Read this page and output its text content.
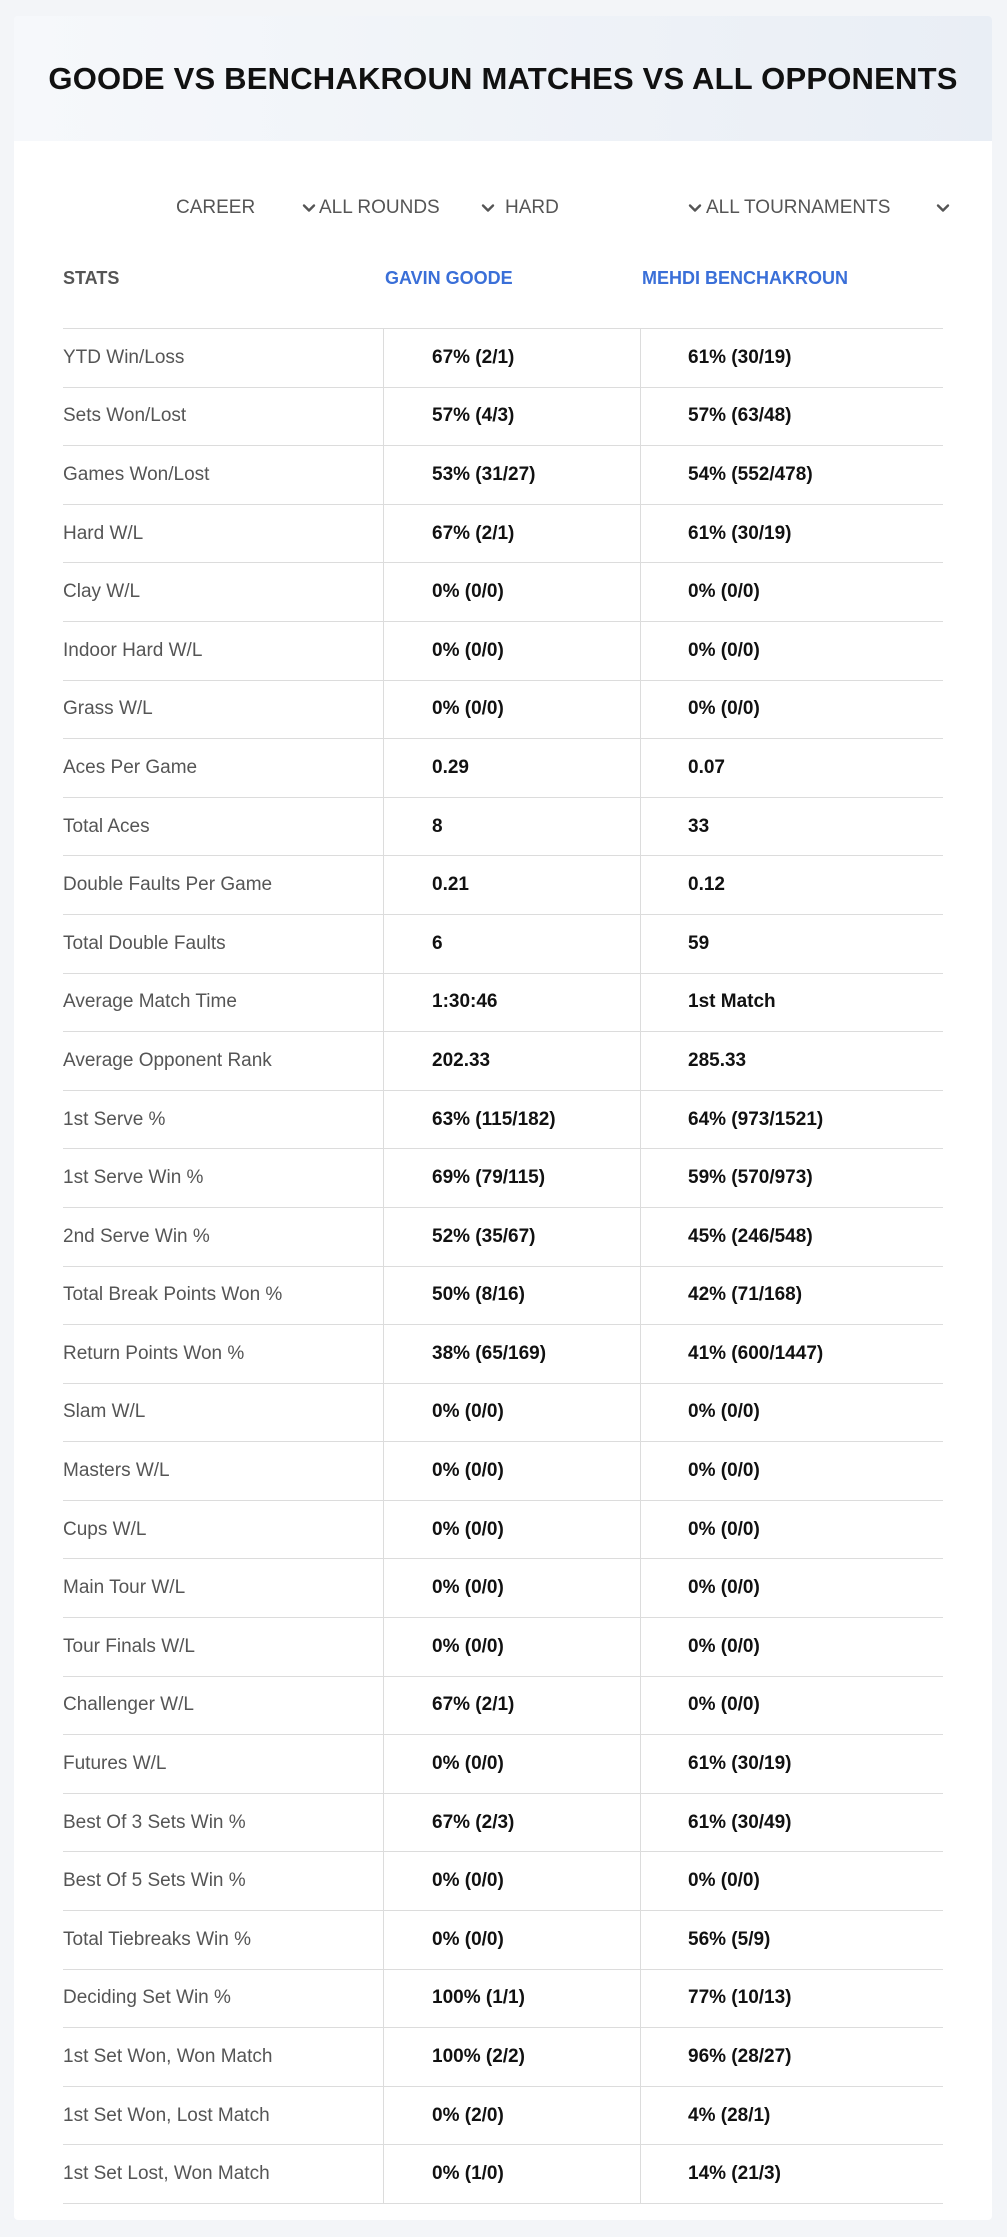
GOODE VS BENCHAKROUN MATCHES VS ALL OPPONENTS
CAREER	ALL ROUNDS	HARD	ALL TOURNAMENTS
STATS	GAVIN GOODE	MEHDI BENCHAKROUN
YTD Win/Loss	67% (2/1)	61% (30/19)
Sets Won/Lost	57% (4/3)	57% (63/48)
Games Won/Lost	53% (31/27)	54% (552/478)
Hard W/L	67% (2/1)	61% (30/19)
Clay W/L	0% (0/0)	0% (0/0)
Indoor Hard W/L	0% (0/0)	0% (0/0)
Grass W/L	0% (0/0)	0% (0/0)
Aces Per Game	0.29	0.07
Total Aces	8	33
Double Faults Per Game	0.21	0.12
Total Double Faults	6	59
Average Match Time	1:30:46	1st Match
Average Opponent Rank	202.33	285.33
1st Serve %	63% (115/182)	64% (973/1521)
1st Serve Win %	69% (79/115)	59% (570/973)
2nd Serve Win %	52% (35/67)	45% (246/548)
Total Break Points Won %	50% (8/16)	42% (71/168)
Return Points Won %	38% (65/169)	41% (600/1447)
Slam W/L	0% (0/0)	0% (0/0)
Masters W/L	0% (0/0)	0% (0/0)
Cups W/L	0% (0/0)	0% (0/0)
Main Tour W/L	0% (0/0)	0% (0/0)
Tour Finals W/L	0% (0/0)	0% (0/0)
Challenger W/L	67% (2/1)	0% (0/0)
Futures W/L	0% (0/0)	61% (30/19)
Best Of 3 Sets Win %	67% (2/3)	61% (30/49)
Best Of 5 Sets Win %	0% (0/0)	0% (0/0)
Total Tiebreaks Win %	0% (0/0)	56% (5/9)
Deciding Set Win %	100% (1/1)	77% (10/13)
1st Set Won, Won Match	100% (2/2)	96% (28/27)
1st Set Won, Lost Match	0% (2/0)	4% (28/1)
1st Set Lost, Won Match	0% (1/0)	14% (21/3)
